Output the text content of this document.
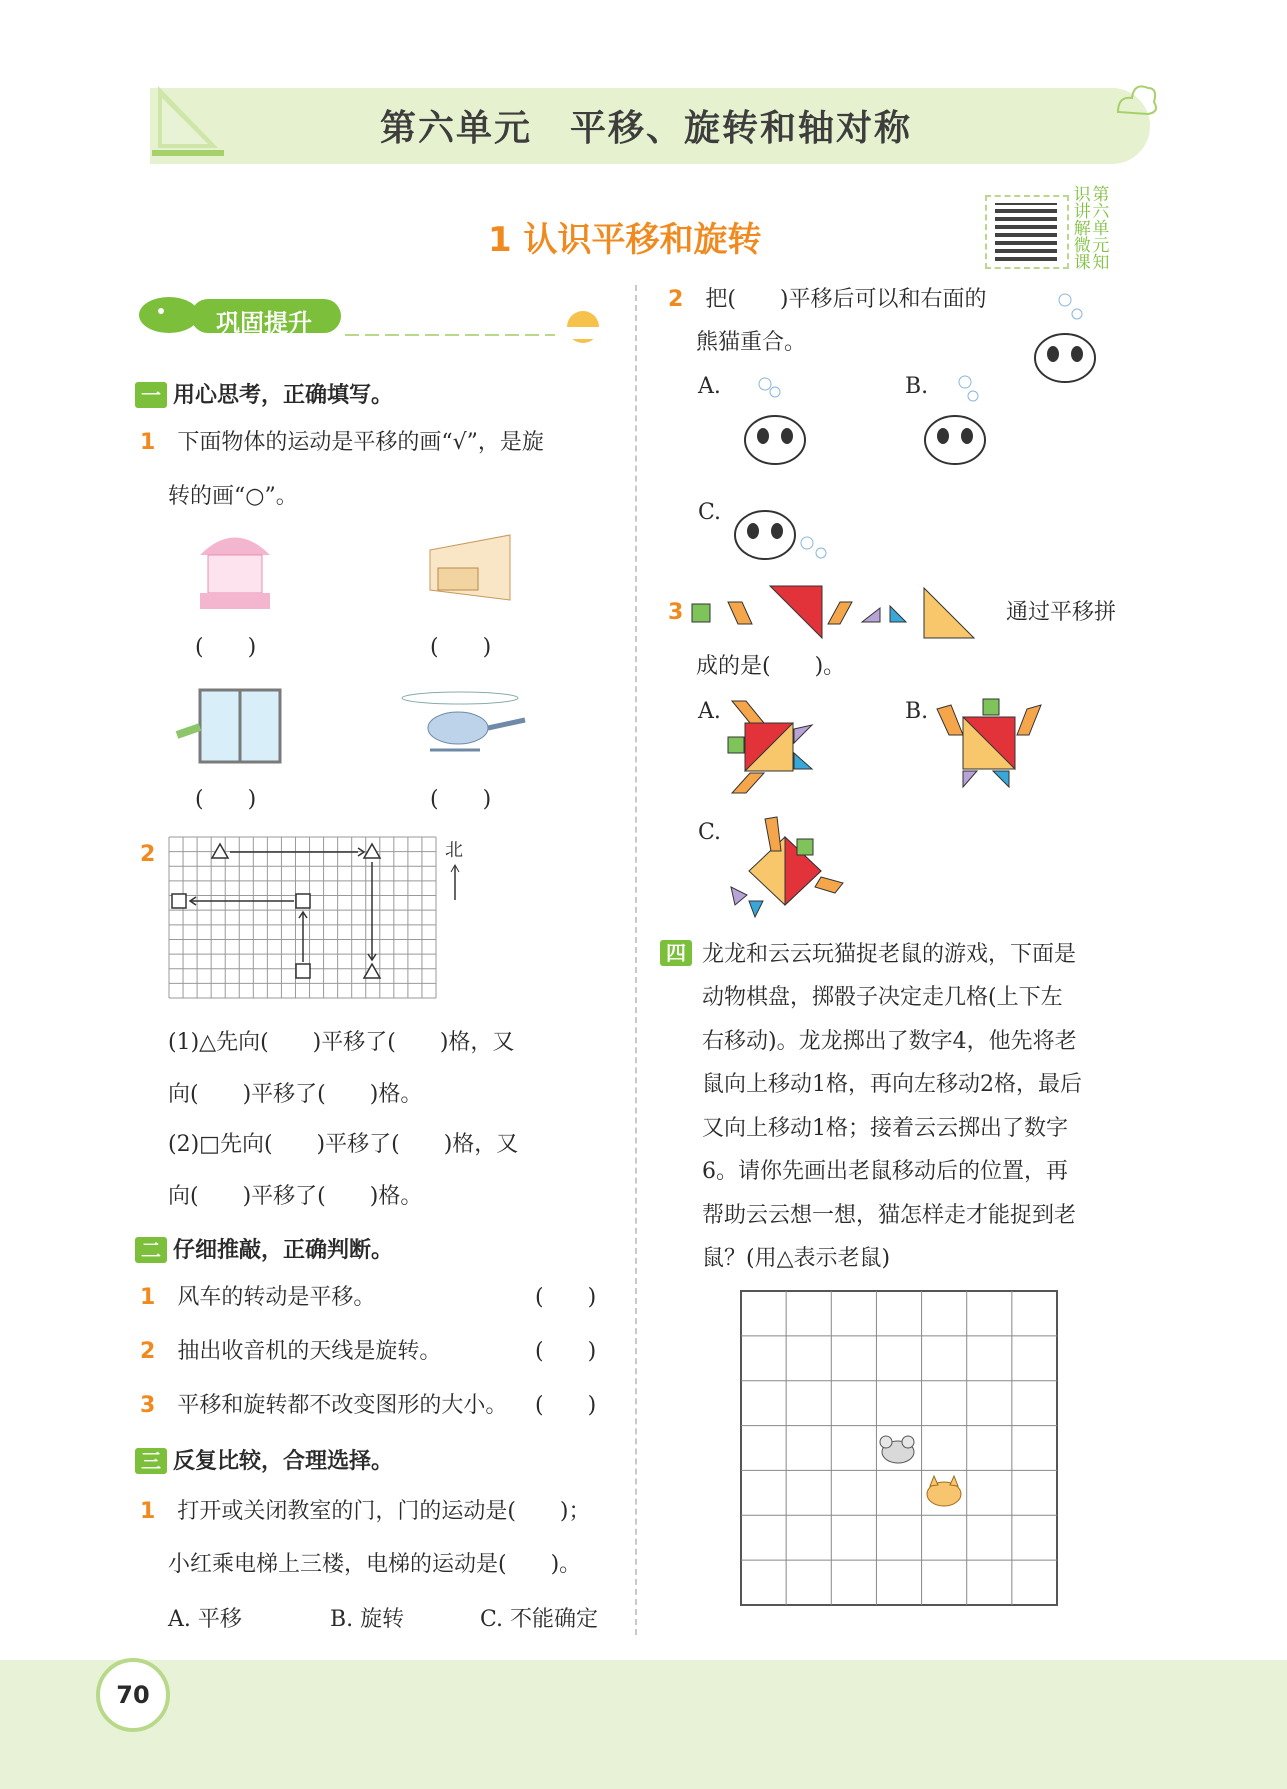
第六单元　平移、旋转和轴对称
1 认识平移和旋转	第六单元知识讲解微课
巩固提升
一 用心思考，正确填写。
1　 下面物体的运动是平移的画“√”，是旋
转的画“○”。
(　　)	(　　)
(　　)	(　　)
2	北
(1)△先向(　　)平移了(　　)格，又
向(　　)平移了(　　)格。
(2)□先向(　　)平移了(　　)格，又
向(　　)平移了(　　)格。
二 仔细推敲，正确判断。
1　 风车的转动是平移。	(　　)
2　 抽出收音机的天线是旋转。	(　　)
3　 平移和旋转都不改变图形的大小。 (　　)
三 反复比较，合理选择。
1　 打开或关闭教室的门，门的运动是(　　)；
小红乘电梯上三楼，电梯的运动是(　　)。
A. 平移	B. 旋转	C. 不能确定
2　 把(　　)平移后可以和右面的
熊猫重合。
A.	B.
C.
3	通过平移拼
成的是(　　)。
A.	B.
C.
四 龙龙和云云玩猫捉老鼠的游戏，下面是
动物棋盘，掷骰子决定走几格(上下左
右移动)。龙龙掷出了数字4，他先将老
鼠向上移动1格，再向左移动2格，最后
又向上移动1格；接着云云掷出了数字
6。请你先画出老鼠移动后的位置，再
帮助云云想一想，猫怎样走才能捉到老
鼠？(用△表示老鼠)
70
